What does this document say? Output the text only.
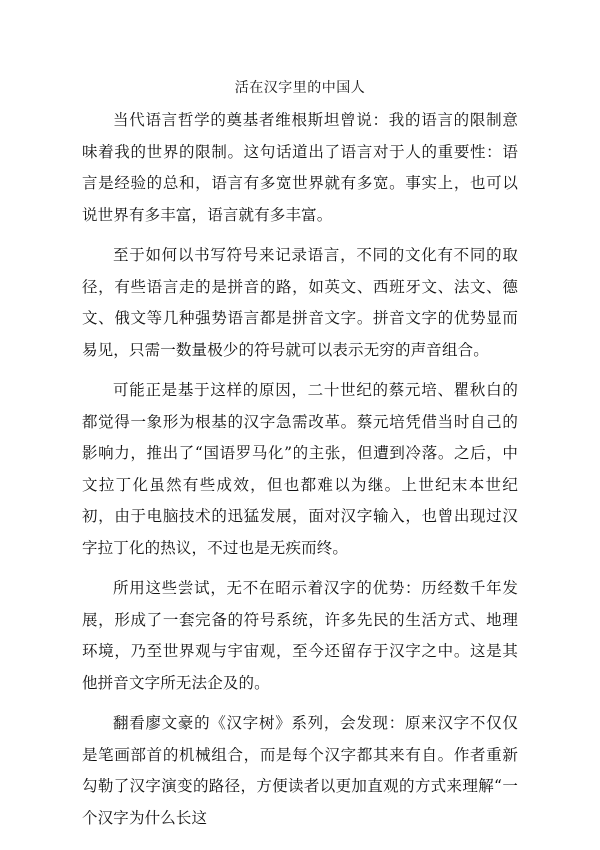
活在汉字里的中国人

当代语言哲学的奠基者维根斯坦曾说：我的语言的限制意味着我的世界的限制。这句话道出了语言对于人的重要性：语言是经验的总和，语言有多宽世界就有多宽。事实上，也可以说世界有多丰富，语言就有多丰富。

至于如何以书写符号来记录语言，不同的文化有不同的取径，有些语言走的是拼音的路，如英文、西班牙文、法文、德文、俄文等几种强势语言都是拼音文字。拼音文字的优势显而易见，只需一数量极少的符号就可以表示无穷的声音组合。

可能正是基于这样的原因，二十世纪的蔡元培、瞿秋白的都觉得一象形为根基的汉字急需改革。蔡元培凭借当时自己的影响力，推出了“国语罗马化”的主张，但遭到冷落。之后，中文拉丁化虽然有些成效，但也都难以为继。上世纪末本世纪初，由于电脑技术的迅猛发展，面对汉字输入，也曾出现过汉字拉丁化的热议，不过也是无疾而终。

所用这些尝试，无不在昭示着汉字的优势：历经数千年发展，形成了一套完备的符号系统，许多先民的生活方式、地理环境，乃至世界观与宇宙观，至今还留存于汉字之中。这是其他拼音文字所无法企及的。

翻看廖文豪的《汉字树》系列，会发现：原来汉字不仅仅是笔画部首的机械组合，而是每个汉字都其来有自。作者重新勾勒了汉字演变的路径，方便读者以更加直观的方式来理解“一个汉字为什么长这
